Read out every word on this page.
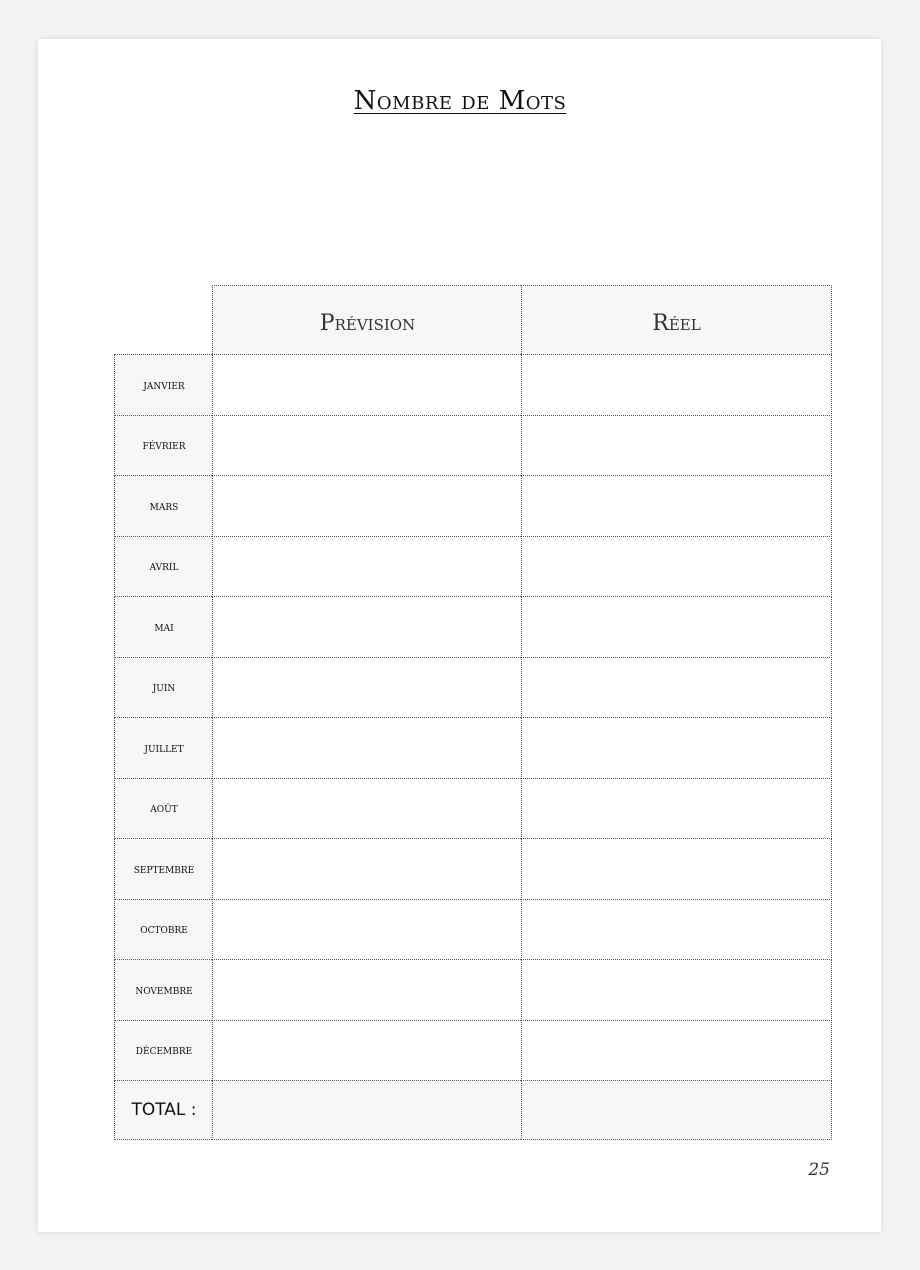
Nombre de Mots
Prévision	Réel
janvier
février
mars
avril
mai
juin
juillet
août
septembre
octobre
novembre
décembre
TOTAL :
25
